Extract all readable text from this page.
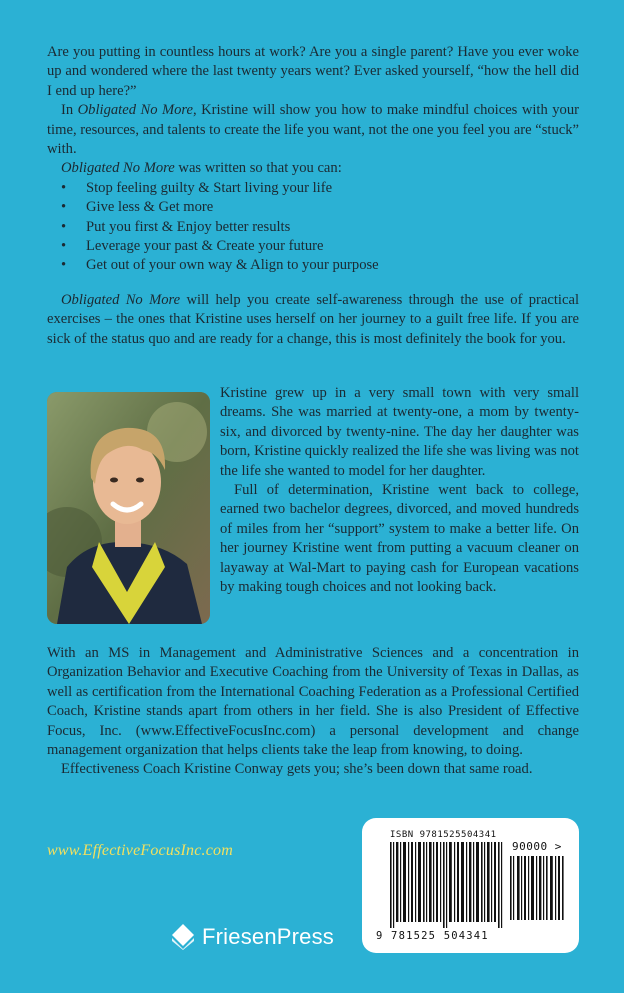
Are you putting in countless hours at work? Are you a single parent? Have you ever woke up and wondered where the last twenty years went? Ever asked yourself, “how the hell did I end up here?”

In Obligated No More, Kristine will show you how to make mindful choices with your time, resources, and talents to create the life you want, not the one you feel you are “stuck” with.

Obligated No More was written so that you can:

• Stop feeling guilty & Start living your life
• Give less & Get more
• Put you first & Enjoy better results
• Leverage your past & Create your future
• Get out of your own way & Align to your purpose

Obligated No More will help you create self-awareness through the use of practical exercises – the ones that Kristine uses herself on her journey to a guilt free life. If you are sick of the status quo and are ready for a change, this is most definitely the book for you.

Kristine grew up in a very small town with very small dreams. She was married at twenty-one, a mom by twenty-six, and divorced by twenty-nine. The day her daughter was born, Kristine quickly realized the life she was living was not the life she wanted to model for her daughter.

Full of determination, Kristine went back to college, earned two bachelor degrees, divorced, and moved hundreds of miles from her “support” system to make a better life. On her journey Kristine went from putting a vacuum cleaner on layaway at Wal-Mart to paying cash for European vacations by making tough choices and not looking back.

With an MS in Management and Administrative Sciences and a concentration in Organization Behavior and Executive Coaching from the University of Texas in Dallas, as well as certification from the International Coaching Federation as a Professional Certified Coach, Kristine stands apart from others in her field. She is also President of Effective Focus, Inc. (www.EffectiveFocusInc.com) a personal development and change management organization that helps clients take the leap from knowing, to doing.

Effectiveness Coach Kristine Conway gets you; she’s been down that same road.

www.EffectiveFocusInc.com
FriesenPress
ISBN 9781525504341
90000 >
9 781525 504341
